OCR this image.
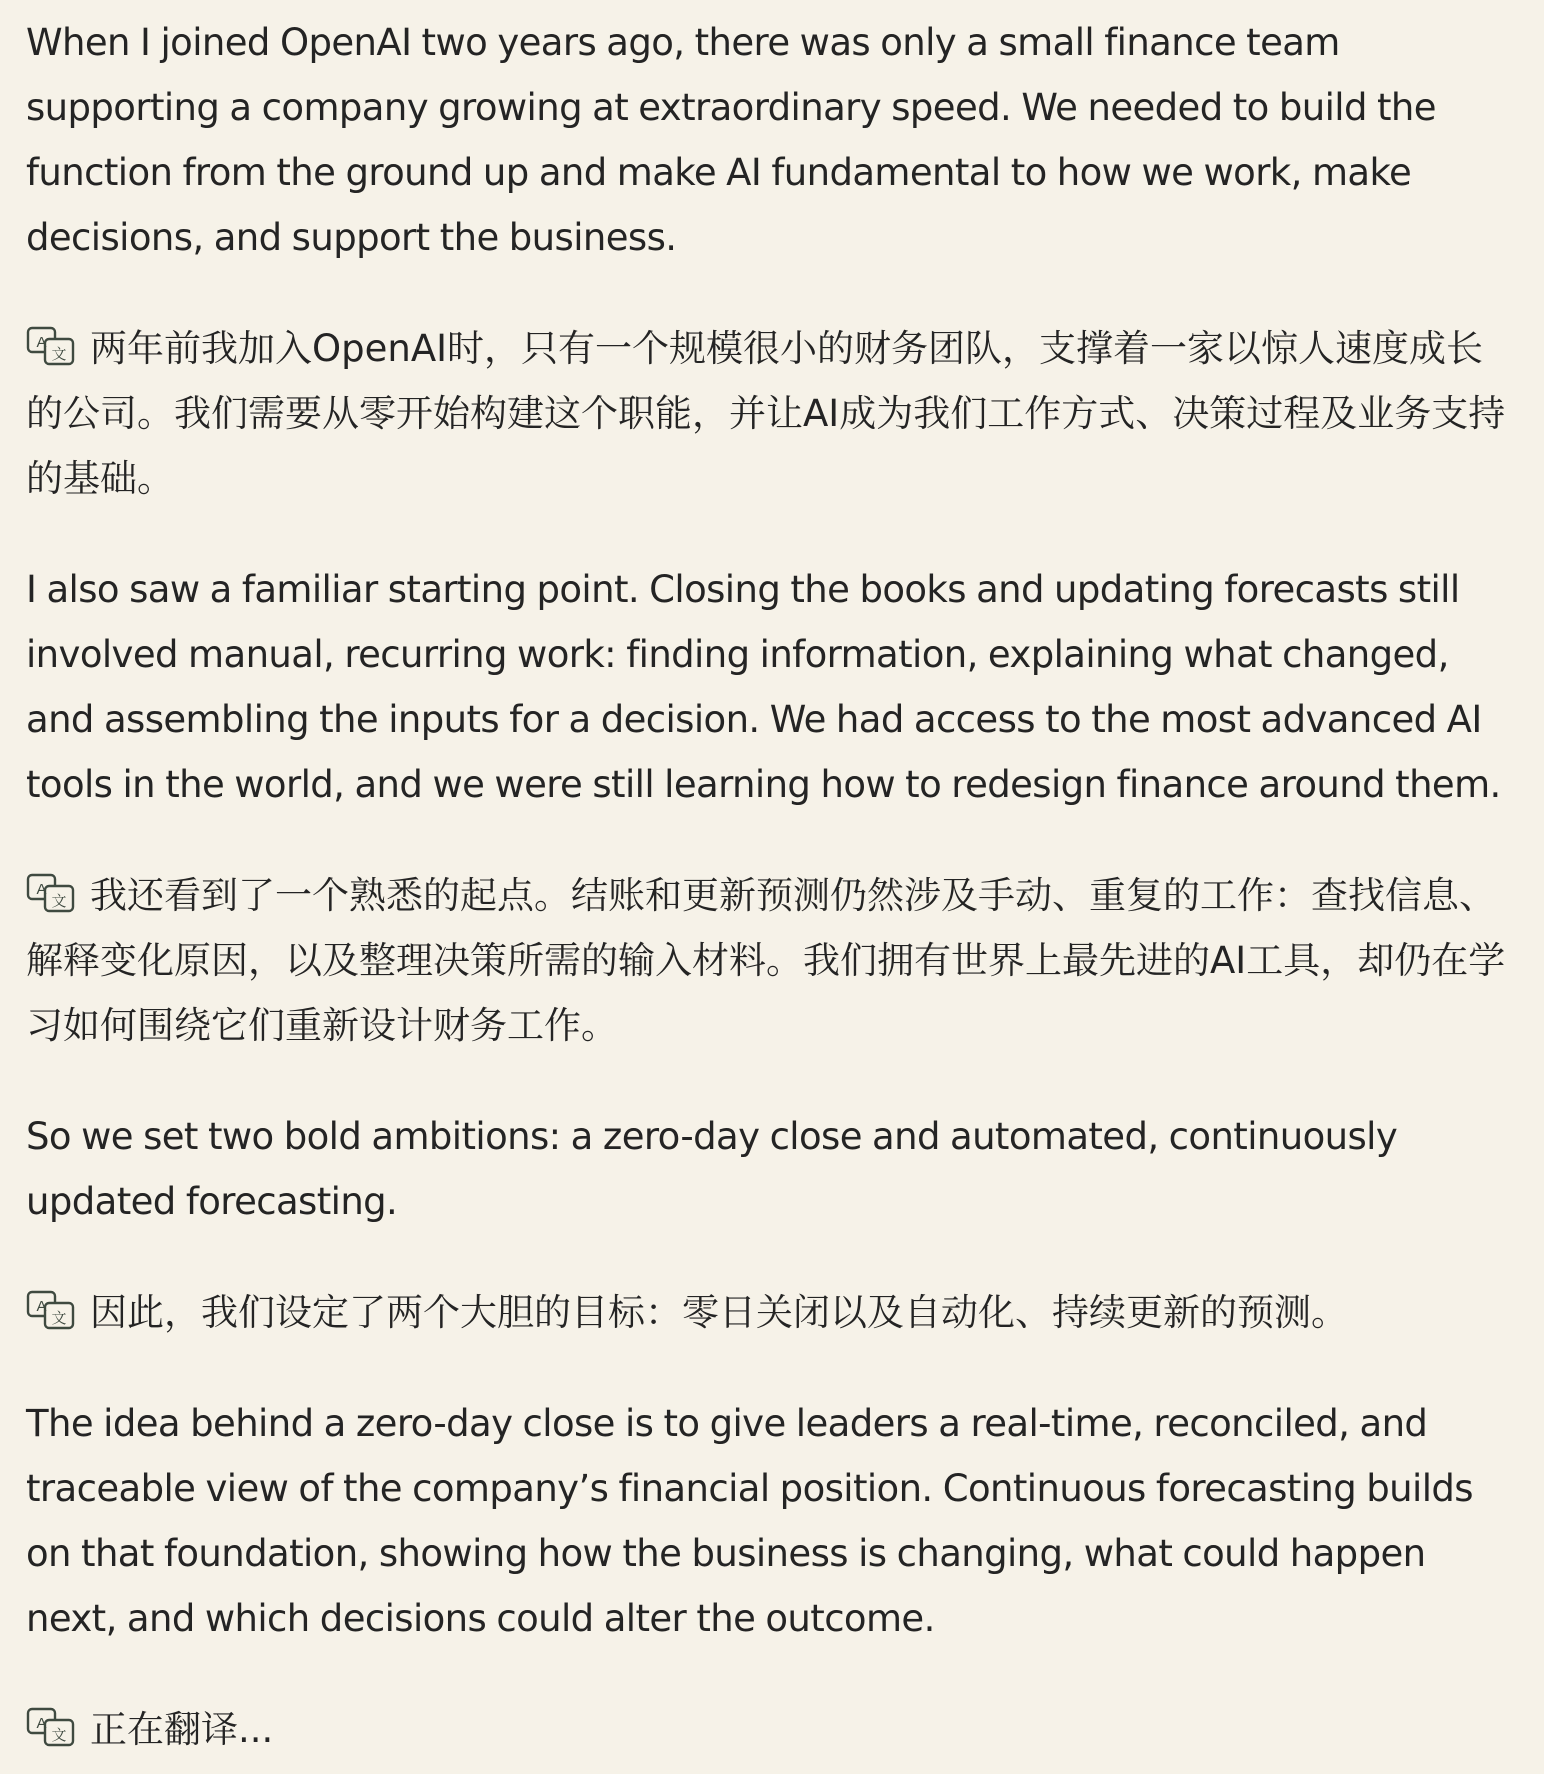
When I joined OpenAI two years ago, there was only a small finance team supporting a company growing at extraordinary speed. We needed to build the function from the ground up and make AI fundamental to how we work, make decisions, and support the business.

A
文 两年前我加入OpenAI时，只有一个规模很小的财务团队，支撑着一家以惊人速度成长的公司。我们需要从零开始构建这个职能，并让AI成为我们工作方式、决策过程及业务支持的基础。

I also saw a familiar starting point. Closing the books and updating forecasts still involved manual, recurring work: finding information, explaining what changed, and assembling the inputs for a decision. We had access to the most advanced AI tools in the world, and we were still learning how to redesign finance around them.

A
文 我还看到了一个熟悉的起点。结账和更新预测仍然涉及手动、重复的工作：查找信息、解释变化原因，以及整理决策所需的输入材料。我们拥有世界上最先进的AI工具，却仍在学习如何围绕它们重新设计财务工作。

So we set two bold ambitions: a zero-day close and automated, continuously updated forecasting.

A
文 因此，我们设定了两个大胆的目标：零日关闭以及自动化、持续更新的预测。

The idea behind a zero-day close is to give leaders a real-time, reconciled, and traceable view of the company’s financial position. Continuous forecasting builds on that foundation, showing how the business is changing, what could happen next, and which decisions could alter the outcome.

A
文 正在翻译...
